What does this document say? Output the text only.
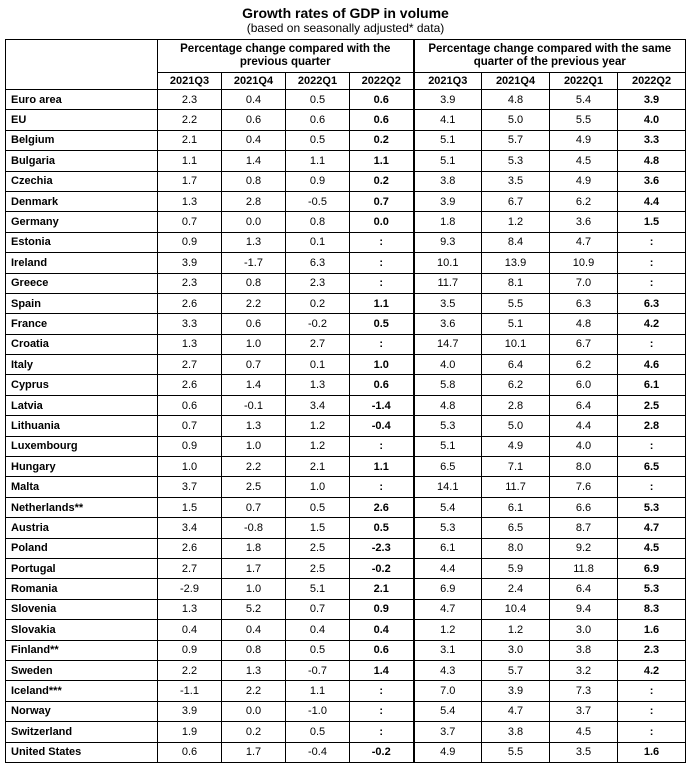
Growth rates of GDP in volume
(based on seasonally adjusted* data)
	Percentage change compared with the previous quarter				Percentage change compared with the same quarter of the previous year			
	2021Q3	2021Q4	2022Q1	2022Q2	2021Q3	2021Q4	2022Q1	2022Q2
Euro area	2.3	0.4	0.5	0.6	3.9	4.8	5.4	3.9
EU	2.2	0.6	0.6	0.6	4.1	5.0	5.5	4.0
Belgium	2.1	0.4	0.5	0.2	5.1	5.7	4.9	3.3
Bulgaria	1.1	1.4	1.1	1.1	5.1	5.3	4.5	4.8
Czechia	1.7	0.8	0.9	0.2	3.8	3.5	4.9	3.6
Denmark	1.3	2.8	-0.5	0.7	3.9	6.7	6.2	4.4
Germany	0.7	0.0	0.8	0.0	1.8	1.2	3.6	1.5
Estonia	0.9	1.3	0.1	:	9.3	8.4	4.7	:
Ireland	3.9	-1.7	6.3	:	10.1	13.9	10.9	:
Greece	2.3	0.8	2.3	:	11.7	8.1	7.0	:
Spain	2.6	2.2	0.2	1.1	3.5	5.5	6.3	6.3
France	3.3	0.6	-0.2	0.5	3.6	5.1	4.8	4.2
Croatia	1.3	1.0	2.7	:	14.7	10.1	6.7	:
Italy	2.7	0.7	0.1	1.0	4.0	6.4	6.2	4.6
Cyprus	2.6	1.4	1.3	0.6	5.8	6.2	6.0	6.1
Latvia	0.6	-0.1	3.4	-1.4	4.8	2.8	6.4	2.5
Lithuania	0.7	1.3	1.2	-0.4	5.3	5.0	4.4	2.8
Luxembourg	0.9	1.0	1.2	:	5.1	4.9	4.0	:
Hungary	1.0	2.2	2.1	1.1	6.5	7.1	8.0	6.5
Malta	3.7	2.5	1.0	:	14.1	11.7	7.6	:
Netherlands**	1.5	0.7	0.5	2.6	5.4	6.1	6.6	5.3
Austria	3.4	-0.8	1.5	0.5	5.3	6.5	8.7	4.7
Poland	2.6	1.8	2.5	-2.3	6.1	8.0	9.2	4.5
Portugal	2.7	1.7	2.5	-0.2	4.4	5.9	11.8	6.9
Romania	-2.9	1.0	5.1	2.1	6.9	2.4	6.4	5.3
Slovenia	1.3	5.2	0.7	0.9	4.7	10.4	9.4	8.3
Slovakia	0.4	0.4	0.4	0.4	1.2	1.2	3.0	1.6
Finland**	0.9	0.8	0.5	0.6	3.1	3.0	3.8	2.3
Sweden	2.2	1.3	-0.7	1.4	4.3	5.7	3.2	4.2
Iceland***	-1.1	2.2	1.1	:	7.0	3.9	7.3	:
Norway	3.9	0.0	-1.0	:	5.4	4.7	3.7	:
Switzerland	1.9	0.2	0.5	:	3.7	3.8	4.5	:
United States	0.6	1.7	-0.4	-0.2	4.9	5.5	3.5	1.6
